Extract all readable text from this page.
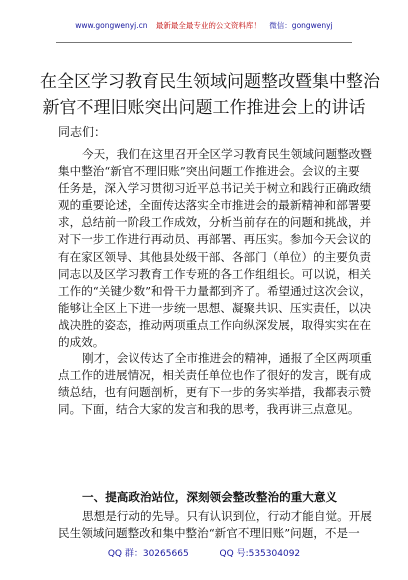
www.gongwenyj.cn 最新最全最专业的公文资料库！ 微信：gongwenyj
在全区学习教育民生领域问题整改暨集中整治
新官不理旧账突出问题工作推进会上的讲话
同志们：
今天，我们在这里召开全区学习教育民生领域问题整改暨
集中整治“新官不理旧账”突出问题工作推进会。会议的主要
任务是，深入学习贯彻习近平总书记关于树立和践行正确政绩
观的重要论述，全面传达落实全市推进会的最新精神和部署要
求，总结前一阶段工作成效，分析当前存在的问题和挑战，并
对下一步工作进行再动员、再部署、再压实。参加今天会议的
有在家区领导、其他县处级干部、各部门（单位）的主要负责
同志以及区学习教育工作专班的各工作组组长。可以说，相关
工作的“关键少数”和骨干力量都到齐了。希望通过这次会议，
能够让全区上下进一步统一思想、凝聚共识、压实责任，以决
战决胜的姿态，推动两项重点工作向纵深发展，取得实实在在
的成效。
刚才，会议传达了全市推进会的精神，通报了全区两项重
点工作的进展情况，相关责任单位也作了很好的发言，既有成
绩总结，也有问题剖析，更有下一步的务实举措，我都表示赞
同。下面，结合大家的发言和我的思考，我再讲三点意见。
一、提高政治站位，深刻领会整改整治的重大意义
思想是行动的先导。只有认识到位，行动才能自觉。开展
民生领域问题整改和集中整治“新官不理旧账”问题，不是一
QQ 群：30265665	QQ 号:535304092
